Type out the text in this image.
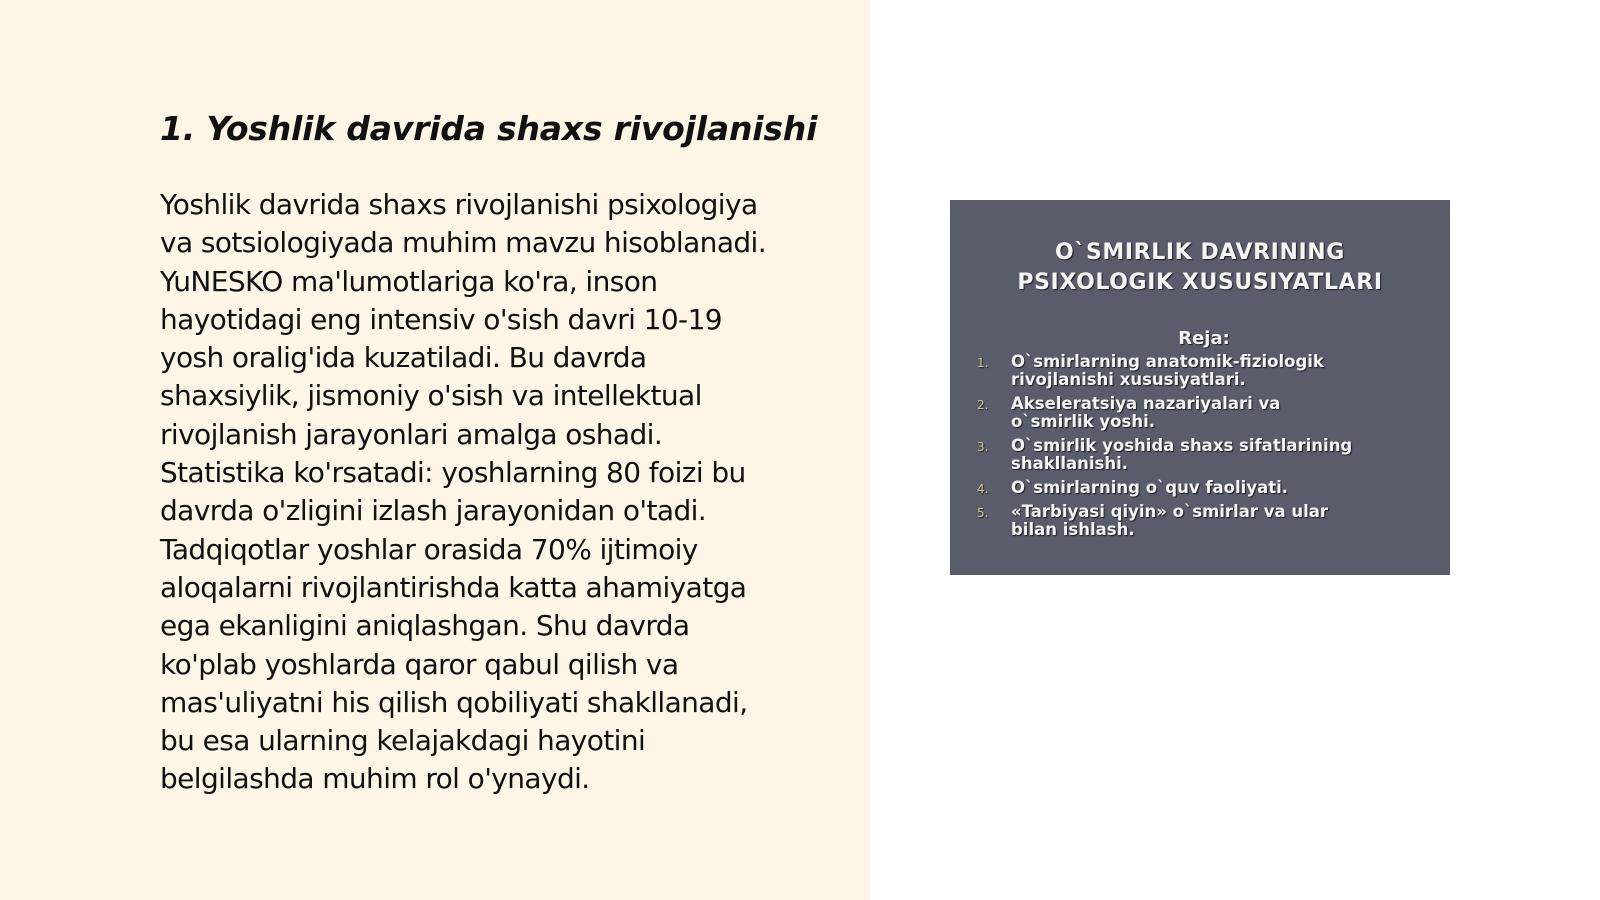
1. Yoshlik davrida shaxs rivojlanishi
Yoshlik davrida shaxs rivojlanishi psixologiya
va sotsiologiyada muhim mavzu hisoblanadi.
YuNESKO ma'lumotlariga ko'ra, inson
hayotidagi eng intensiv o'sish davri 10-19
yosh oralig'ida kuzatiladi. Bu davrda
shaxsiylik, jismoniy o'sish va intellektual
rivojlanish jarayonlari amalga oshadi.
Statistika ko'rsatadi: yoshlarning 80 foizi bu
davrda o'zligini izlash jarayonidan o'tadi.
Tadqiqotlar yoshlar orasida 70% ijtimoiy
aloqalarni rivojlantirishda katta ahamiyatga
ega ekanligini aniqlashgan. Shu davrda
ko'plab yoshlarda qaror qabul qilish va
mas'uliyatni his qilish qobiliyati shakllanadi,
bu esa ularning kelajakdagi hayotini
belgilashda muhim rol o'ynaydi.
O`SMIRLIK DAVRINING
PSIXOLOGIK XUSUSIYATLARI
Reja:
1. O`smirlarning anatomik-fiziologik
rivojlanishi xususiyatlari.
2. Akseleratsiya nazariyalari va
o`smirlik yoshi.
3. O`smirlik yoshida shaxs sifatlarining
shakllanishi.
4. O`smirlarning o`quv faoliyati.
5. «Tarbiyasi qiyin» o`smirlar va ular
bilan ishlash.
